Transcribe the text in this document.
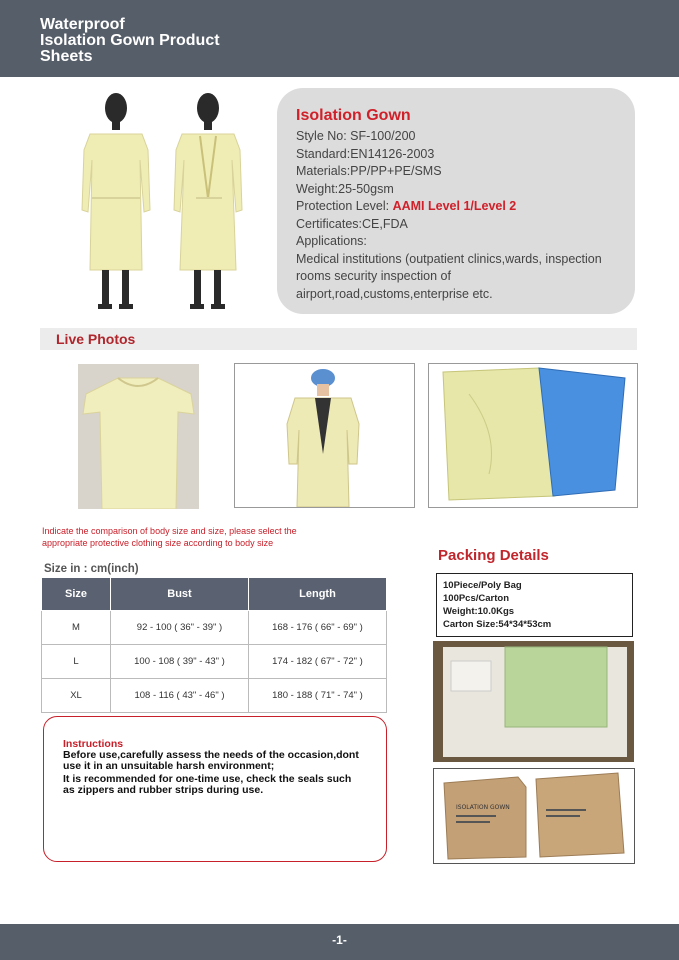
Waterproof
Isolation Gown Product
Sheets
Isolation Gown
Style No: SF-100/200
Standard:EN14126-2003
Materials:PP/PP+PE/SMS
Weight:25-50gsm
Protection Level: AAMI Level 1/Level 2
Certificates:CE,FDA
Applications:
Medical institutions (outpatient clinics,wards, inspection rooms security inspection of airport,road,customs,enterprise etc.
Live Photos
Indicate the comparison of body size and size, please select the appropriate protective clothing size according to body size
Packing Details
Size in : cm(inch)
Size	Bust	Length
M	92 - 100 ( 36" - 39" )	168 - 176 ( 66" - 69" )
L	100 - 108 ( 39" - 43" )	174 - 182 ( 67" - 72" )
XL	108 - 116 ( 43" - 46" )	180 - 188 ( 71" - 74" )
10Piece/Poly Bag
100Pcs/Carton
Weight:10.0Kgs
Carton Size:54*34*53cm
ISOLATION GOWN
Instructions
Before use,carefully assess the needs of the occasion,dont use it in an unsuitable harsh environment;
It is recommended for one-time use, check the seals such as zippers and rubber strips during use.
-1-
